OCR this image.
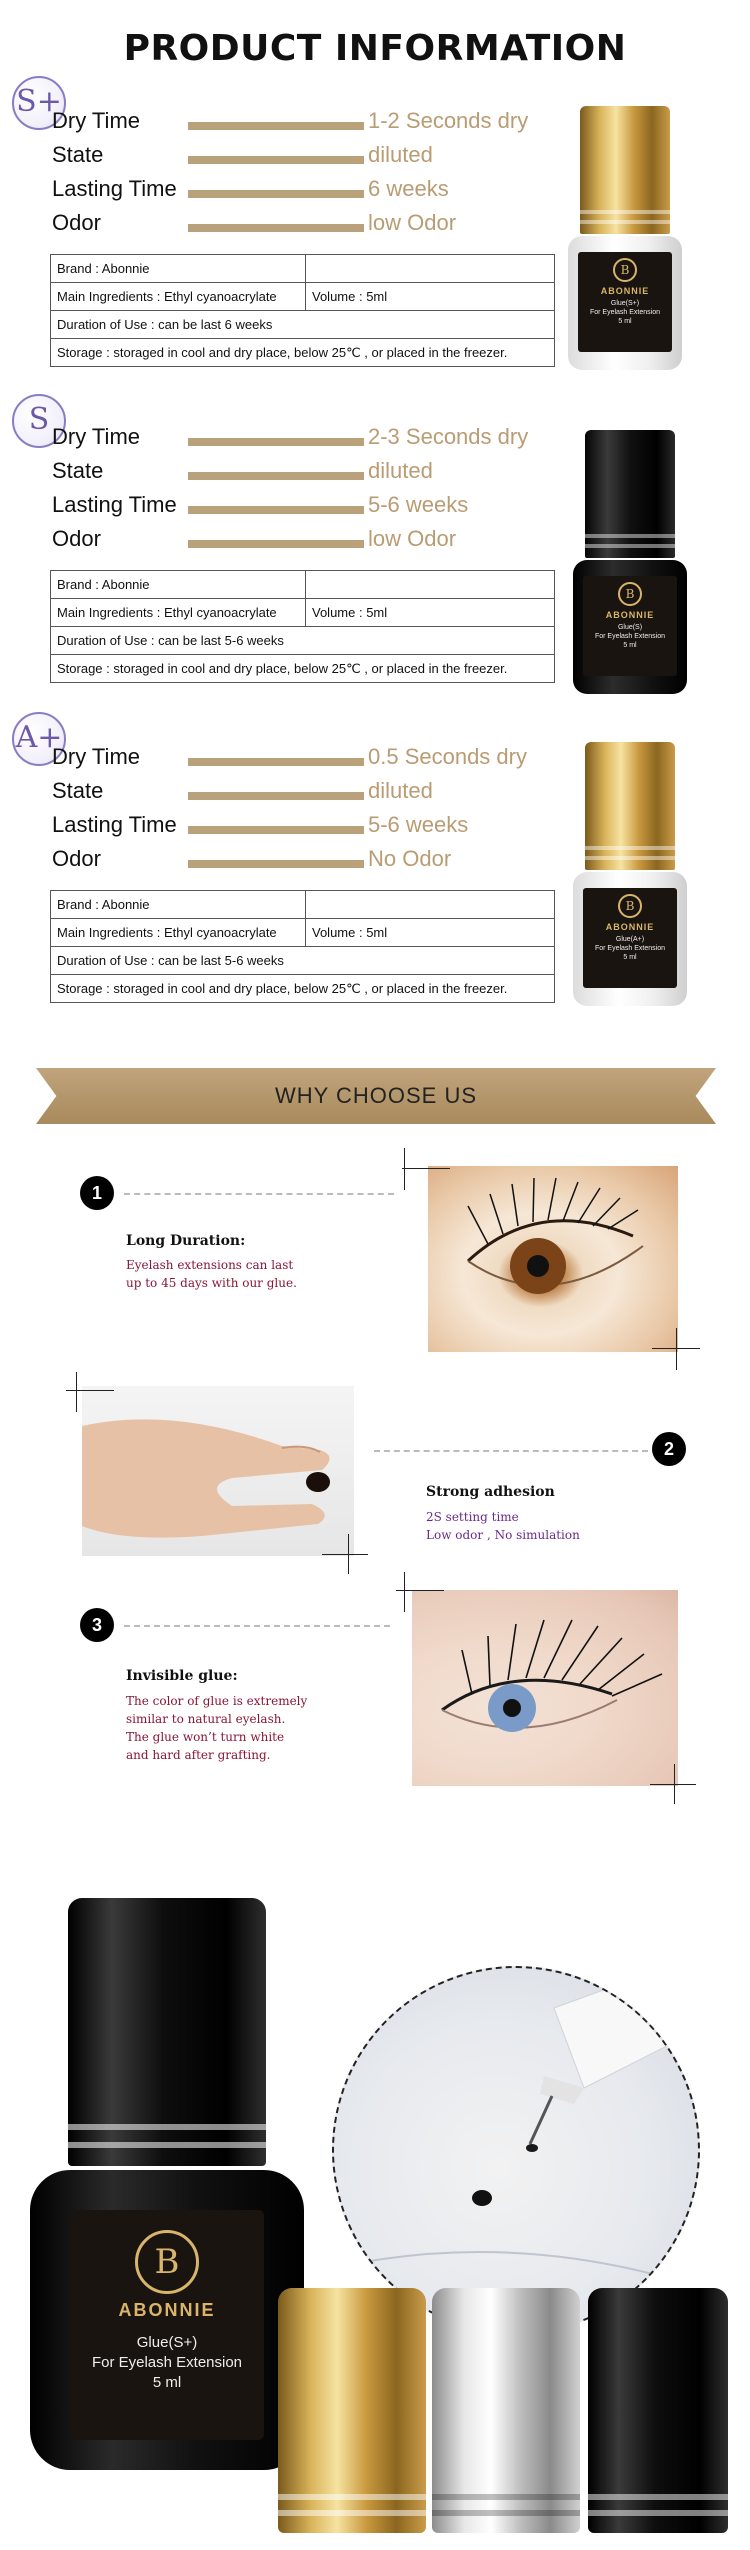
PRODUCT INFORMATION
S+
Dry Time	1-2 Seconds dry
State	diluted
Lasting Time	6 weeks
Odor	low Odor
Brand : Abonnie	
Main Ingredients : Ethyl cyanoacrylate	Volume : 5ml
Duration of Use : can be last 6 weeks	
Storage : storaged in cool and dry place, below 25℃ , or placed in the freezer.	
B
ABONNIE
Glue(S+)
For Eyelash Extension
5 ml
S Dry Time	2-3 Seconds dry
State	diluted
Lasting Time	5-6 weeks
Odor	low Odor
Brand : Abonnie	
Main Ingredients : Ethyl cyanoacrylate	Volume : 5ml
Duration of Use : can be last 5-6 weeks	
Storage : storaged in cool and dry place, below 25℃ , or placed in the freezer.	
B
ABONNIE
Glue(S)
For Eyelash Extension
5 ml
A+
Dry Time	0.5 Seconds dry
State	diluted
Lasting Time	5-6 weeks
Odor	No Odor
Brand : Abonnie	
Main Ingredients : Ethyl cyanoacrylate	Volume : 5ml
Duration of Use : can be last 5-6 weeks	
Storage : storaged in cool and dry place, below 25℃ , or placed in the freezer.	
B
ABONNIE
Glue(A+)
For Eyelash Extension
5 ml
WHY CHOOSE US
1
Long Duration:
Eyelash extensions can last
up to 45 days with our glue.
2
Strong adhesion
2S setting time
Low odor , No simulation
3
Invisible glue:
The color of glue is extremely
similar to natural eyelash.
The glue won’t turn white
and hard after grafting.
B
ABONNIE
Glue(S+)
For Eyelash Extension
5 ml
